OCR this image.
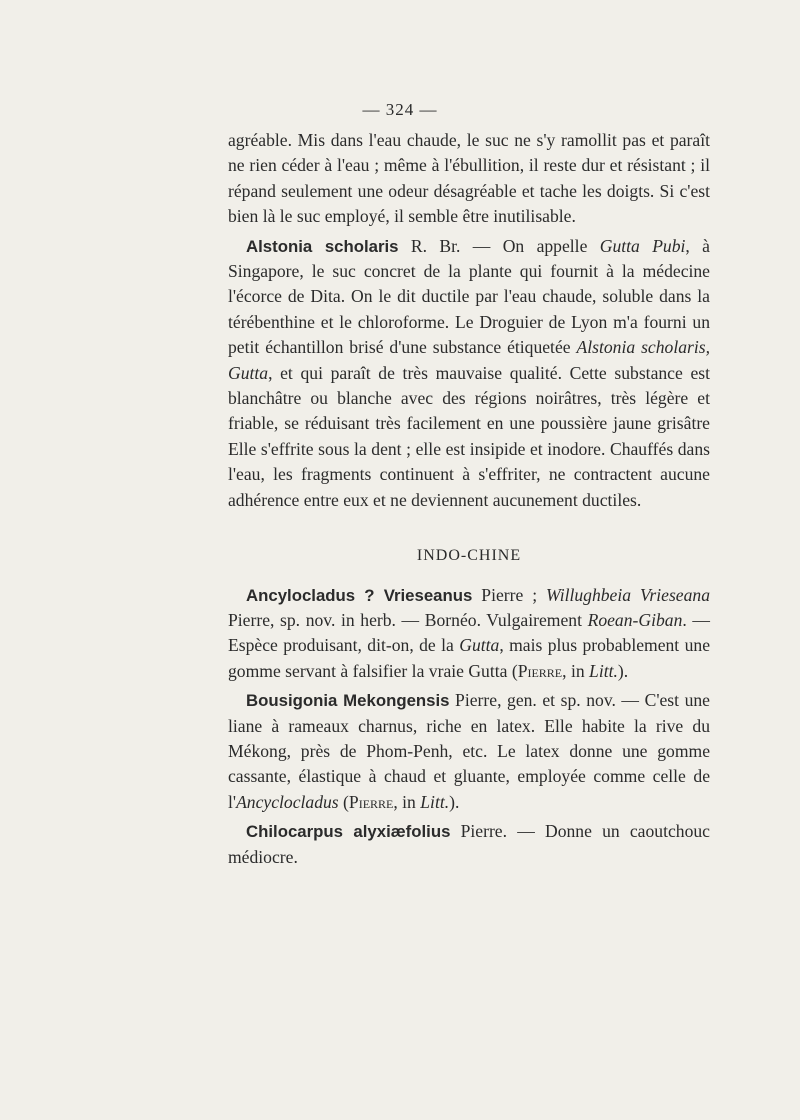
— 324 —

agréable. Mis dans l'eau chaude, le suc ne s'y ramollit pas et paraît ne rien céder à l'eau ; même à l'ébullition, il reste dur et résistant ; il répand seulement une odeur désagréable et tache les doigts. Si c'est bien là le suc employé, il semble être inutilisable.

Alstonia scholaris R. Br. — On appelle Gutta Pubi, à Singapore, le suc concret de la plante qui fournit à la médecine l'écorce de Dita. On le dit ductile par l'eau chaude, soluble dans la térébenthine et le chloroforme. Le Droguier de Lyon m'a fourni un petit échantillon brisé d'une substance étiquetée Alstonia scholaris, Gutta, et qui paraît de très mauvaise qualité. Cette substance est blanchâtre ou blanche avec des régions noirâtres, très légère et friable, se réduisant très facilement en une poussière jaune grisâtre Elle s'effrite sous la dent ; elle est insipide et inodore. Chauffés dans l'eau, les fragments continuent à s'effriter, ne contractent aucune adhérence entre eux et ne deviennent aucunement ductiles.

INDO-CHINE

Ancylocladus ? Vrieseanus Pierre ; Willughbeia Vrieseana Pierre, sp. nov. in herb. — Bornéo. Vulgairement Roean-Giban. — Espèce produisant, dit-on, de la Gutta, mais plus probablement une gomme servant à falsifier la vraie Gutta (Pierre, in Litt.).

Bousigonia Mekongensis Pierre, gen. et sp. nov. — C'est une liane à rameaux charnus, riche en latex. Elle habite la rive du Mékong, près de Phom-Penh, etc. Le latex donne une gomme cassante, élastique à chaud et gluante, employée comme celle de l'Ancyclocladus (Pierre, in Litt.).

Chilocarpus alyxiæfolius Pierre. — Donne un caoutchouc médiocre.
